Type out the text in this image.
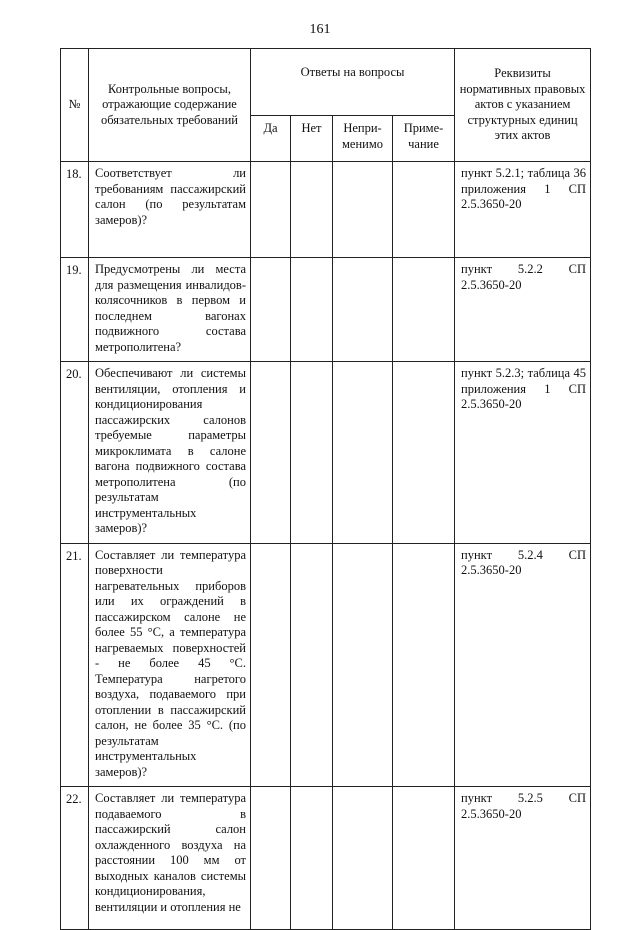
161
№	Контрольные вопросы, отражающие содержание обязательных требований	Ответы на вопросы				Реквизиты нормативных правовых актов с указанием структурных единиц этих актов
		Да	Нет	Непри-менимо	Приме-чание	
18.	Соответствует ли требованиям пассажирский салон (по результатам замеров)?					пункт 5.2.1; таблица 36 приложения 1 СП 2.5.3650-20
19.	Предусмотрены ли места для размещения инвалидов-колясочников в первом и последнем вагонах подвижного состава метрополитена?					пункт 5.2.2 СП 2.5.3650-20
20.	Обеспечивают ли системы вентиляции, отопления и кондиционирования пассажирских салонов требуемые параметры микроклимата в салоне вагона подвижного состава метрополитена (по результатам инструментальных замеров)?					пункт 5.2.3; таблица 45 приложения 1 СП 2.5.3650-20
21.	Составляет ли температура поверхности нагревательных приборов или их ограждений в пассажирском салоне не более 55 °C, а температура нагреваемых поверхностей - не более 45 °C. Температура нагретого воздуха, подаваемого при отоплении в пассажирский салон, не более 35 °C. (по результатам инструментальных замеров)?					пункт 5.2.4 СП 2.5.3650-20
22.	Составляет ли температура подаваемого в пассажирский салон охлажденного воздуха на расстоянии 100 мм от выходных каналов системы кондиционирования, вентиляции и отопления не					пункт 5.2.5 СП 2.5.3650-20
